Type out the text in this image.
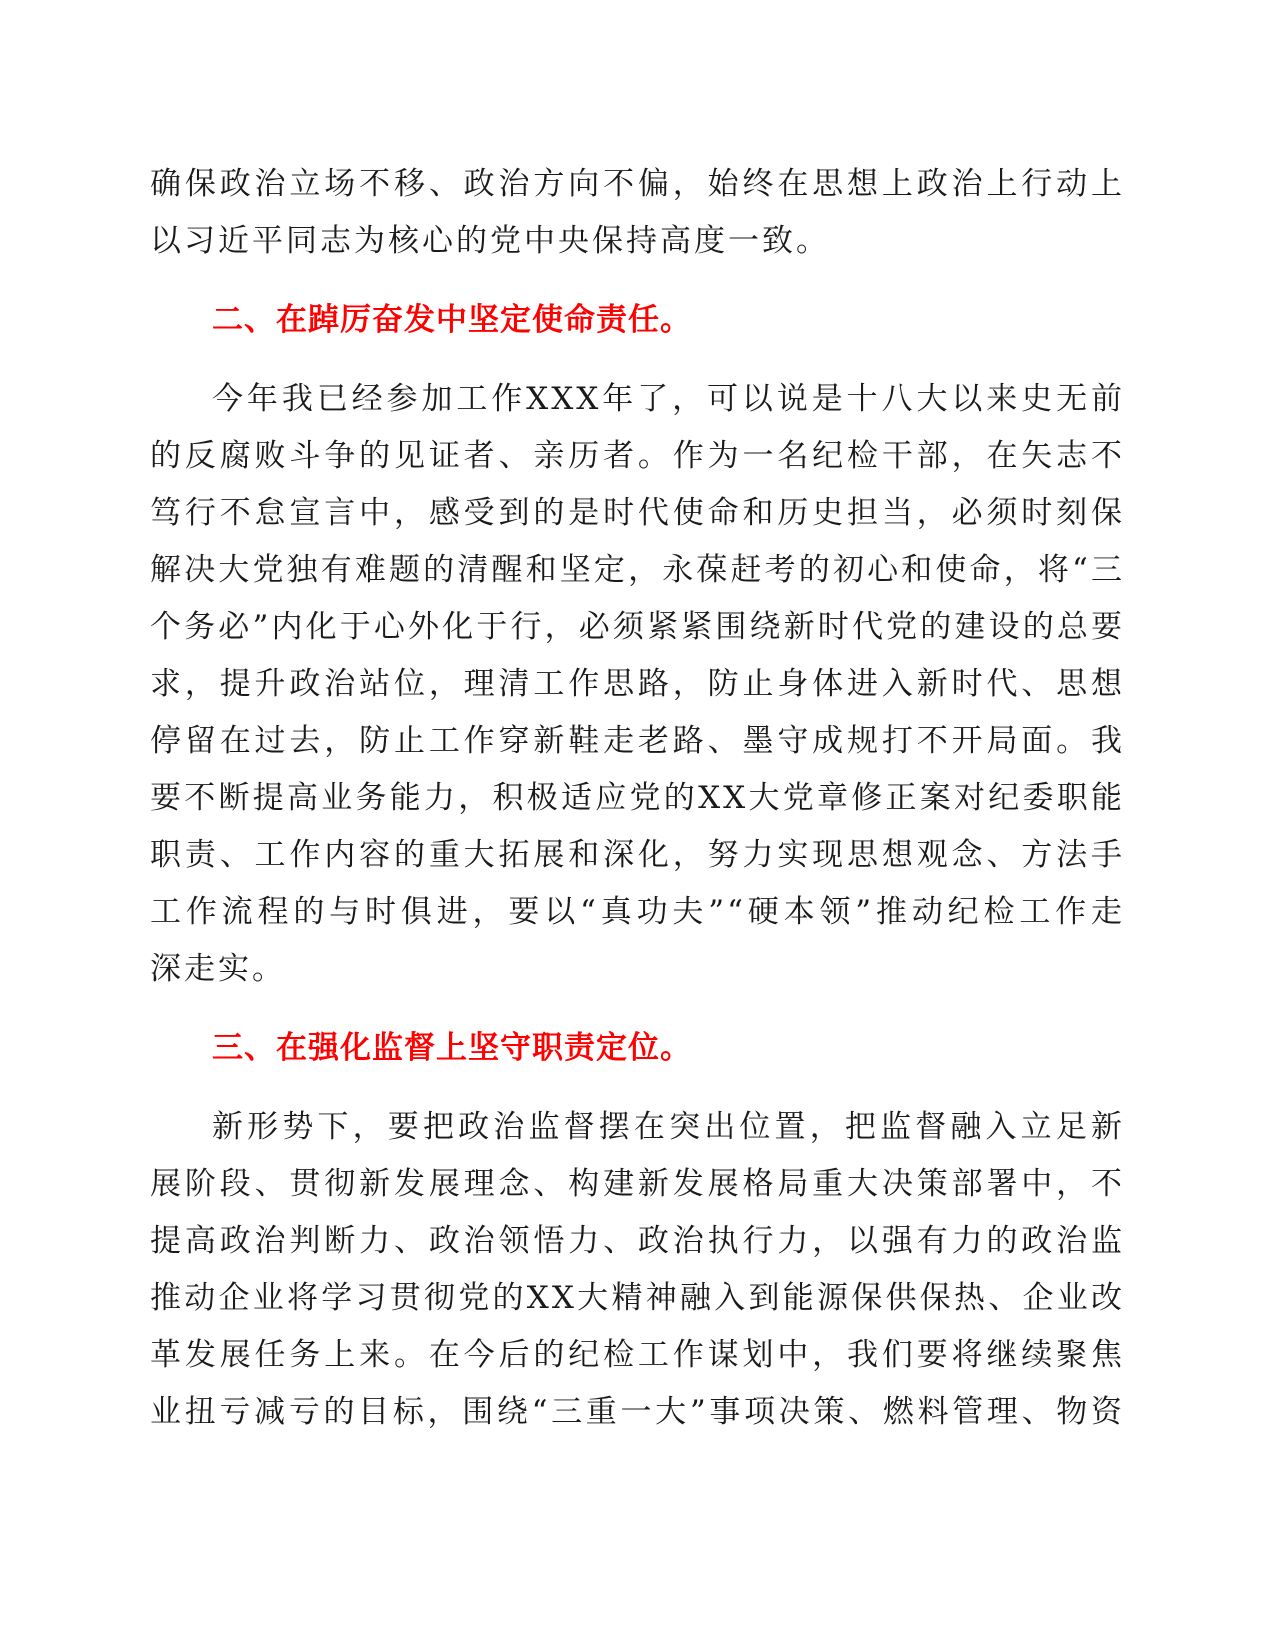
确保政治立场不移、政治方向不偏，始终在思想上政治上行动上
以习近平同志为核心的党中央保持高度一致。
二、在踔厉奋发中坚定使命责任。
今年我已经参加工作XXX年了，可以说是十八大以来史无前
的反腐败斗争的见证者、亲历者。作为一名纪检干部，在矢志不
笃行不怠宣言中，感受到的是时代使命和历史担当，必须时刻保
解决大党独有难题的清醒和坚定，永葆赶考的初心和使命，将“三
个务必”内化于心外化于行，必须紧紧围绕新时代党的建设的总要
求，提升政治站位，理清工作思路，防止身体进入新时代、思想
停留在过去，防止工作穿新鞋走老路、墨守成规打不开局面。我
要不断提高业务能力，积极适应党的XX大党章修正案对纪委职能
职责、工作内容的重大拓展和深化，努力实现思想观念、方法手
工作流程的与时俱进，要以“真功夫”“硬本领”推动纪检工作走
深走实。
三、在强化监督上坚守职责定位。
新形势下，要把政治监督摆在突出位置，把监督融入立足新
展阶段、贯彻新发展理念、构建新发展格局重大决策部署中，不
提高政治判断力、政治领悟力、政治执行力，以强有力的政治监
推动企业将学习贯彻党的XX大精神融入到能源保供保热、企业改
革发展任务上来。在今后的纪检工作谋划中，我们要将继续聚焦
业扭亏减亏的目标，围绕“三重一大”事项决策、燃料管理、物资
